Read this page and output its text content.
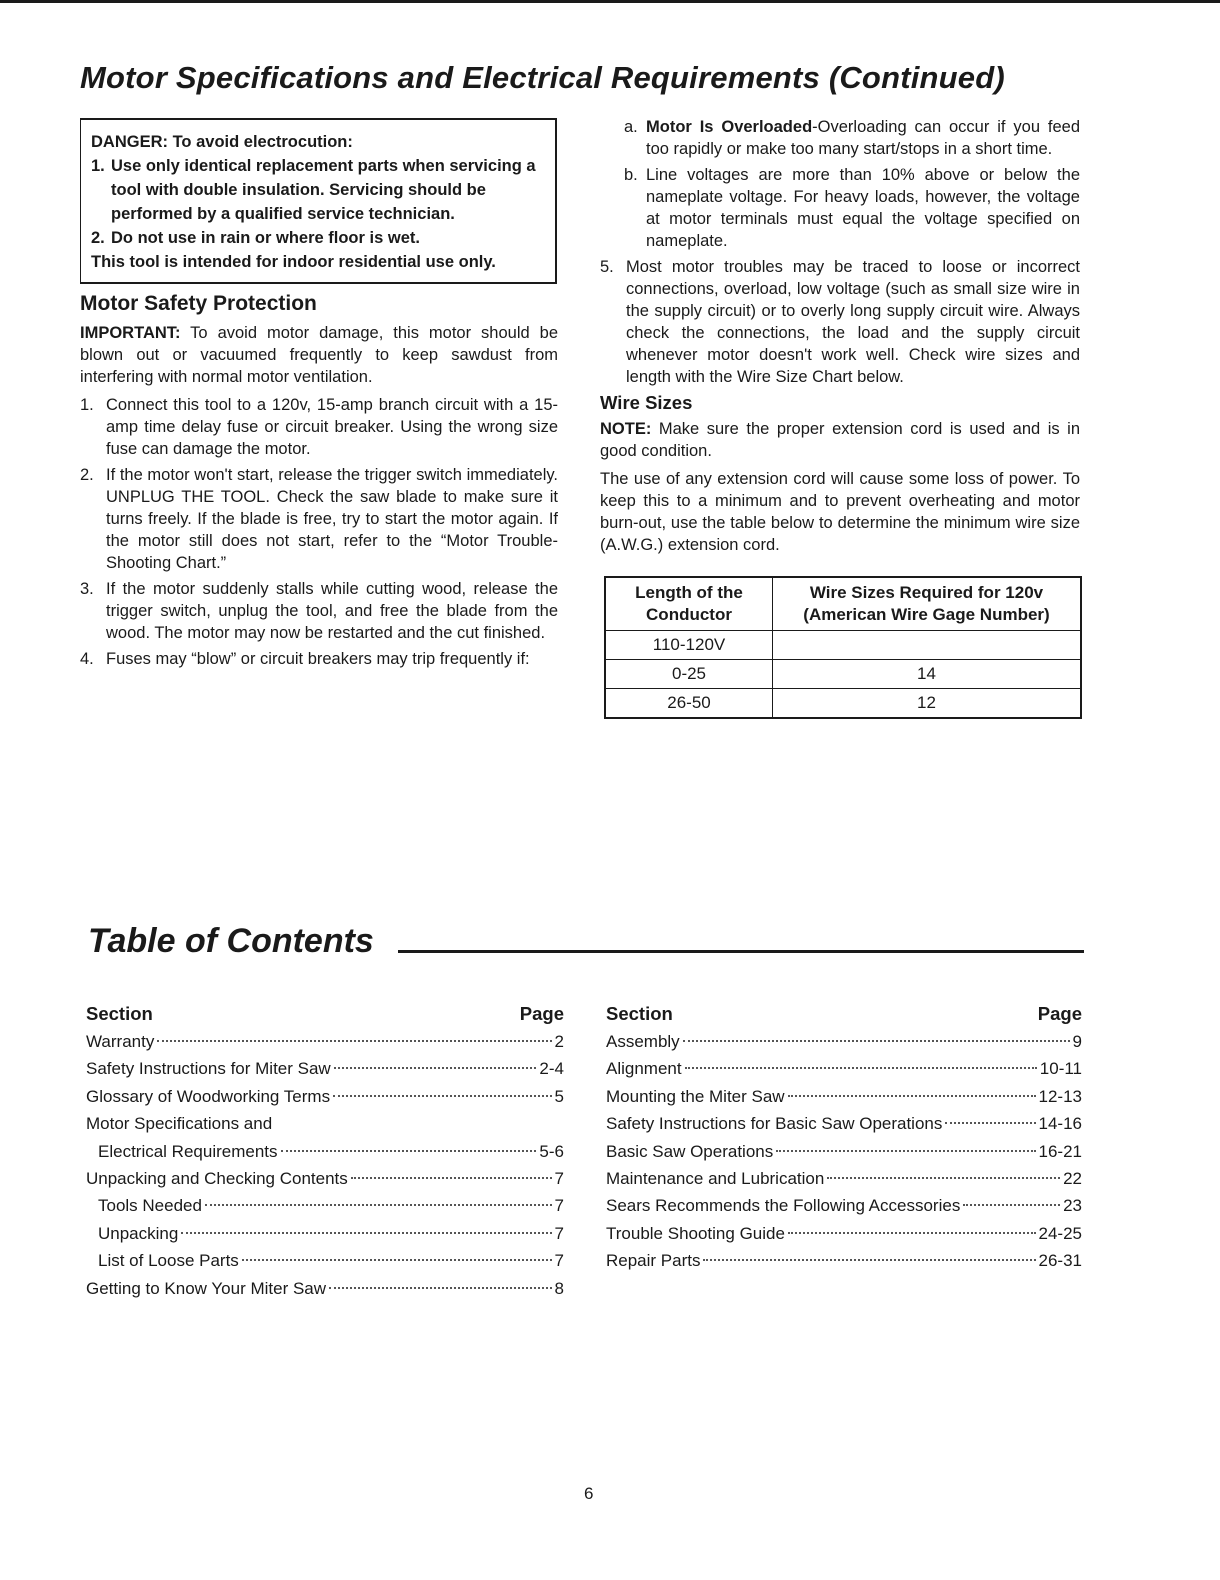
Motor Specifications and Electrical Requirements (Continued)
DANGER: To avoid electrocution:
1. Use only identical replacement parts when servicing a tool with double insulation. Servicing should be performed by a qualified service technician.
2. Do not use in rain or where floor is wet.
This tool is intended for indoor residential use only.
Motor Safety Protection

IMPORTANT: To avoid motor damage, this motor should be blown out or vacuumed frequently to keep sawdust from interfering with normal motor ventilation.

1. Connect this tool to a 120v, 15-amp branch circuit with a 15-amp time delay fuse or circuit breaker. Using the wrong size fuse can damage the motor.
2. If the motor won't start, release the trigger switch immediately. UNPLUG THE TOOL. Check the saw blade to make sure it turns freely. If the blade is free, try to start the motor again. If the motor still does not start, refer to the “Motor Trouble-Shooting Chart.”
3. If the motor suddenly stalls while cutting wood, release the trigger switch, unplug the tool, and free the blade from the wood. The motor may now be restarted and the cut finished.
4. Fuses may “blow” or circuit breakers may trip frequently if:
a. Motor Is Overloaded-Overloading can occur if you feed too rapidly or make too many start/stops in a short time.
b. Line voltages are more than 10% above or below the nameplate voltage. For heavy loads, however, the voltage at motor terminals must equal the voltage specified on nameplate.
5. Most motor troubles may be traced to loose or incorrect connections, overload, low voltage (such as small size wire in the supply circuit) or to overly long supply circuit wire. Always check the connections, the load and the supply circuit whenever motor doesn't work well. Check wire sizes and length with the Wire Size Chart below.
Wire Sizes

NOTE: Make sure the proper extension cord is used and is in good condition.

The use of any extension cord will cause some loss of power. To keep this to a minimum and to prevent overheating and motor burn-out, use the table below to determine the minimum wire size (A.W.G.) extension cord.

Length of the Conductor	Wire Sizes Required for 120v (American Wire Gage Number)
110-120V	
0-25	14
26-50	12
Table of Contents
Section	Page
Warranty	2
Safety Instructions for Miter Saw	2-4
Glossary of Woodworking Terms	5
Motor Specifications and
Electrical Requirements	5-6
Unpacking and Checking Contents	7
Tools Needed	7
Unpacking	7
List of Loose Parts	7
Getting to Know Your Miter Saw	8
Section	Page
Assembly	9
Alignment	10-11
Mounting the Miter Saw	12-13
Safety Instructions for Basic Saw Operations	14-16
Basic Saw Operations	16-21
Maintenance and Lubrication	22
Sears Recommends the Following Accessories	23
Trouble Shooting Guide	24-25
Repair Parts	26-31
6
